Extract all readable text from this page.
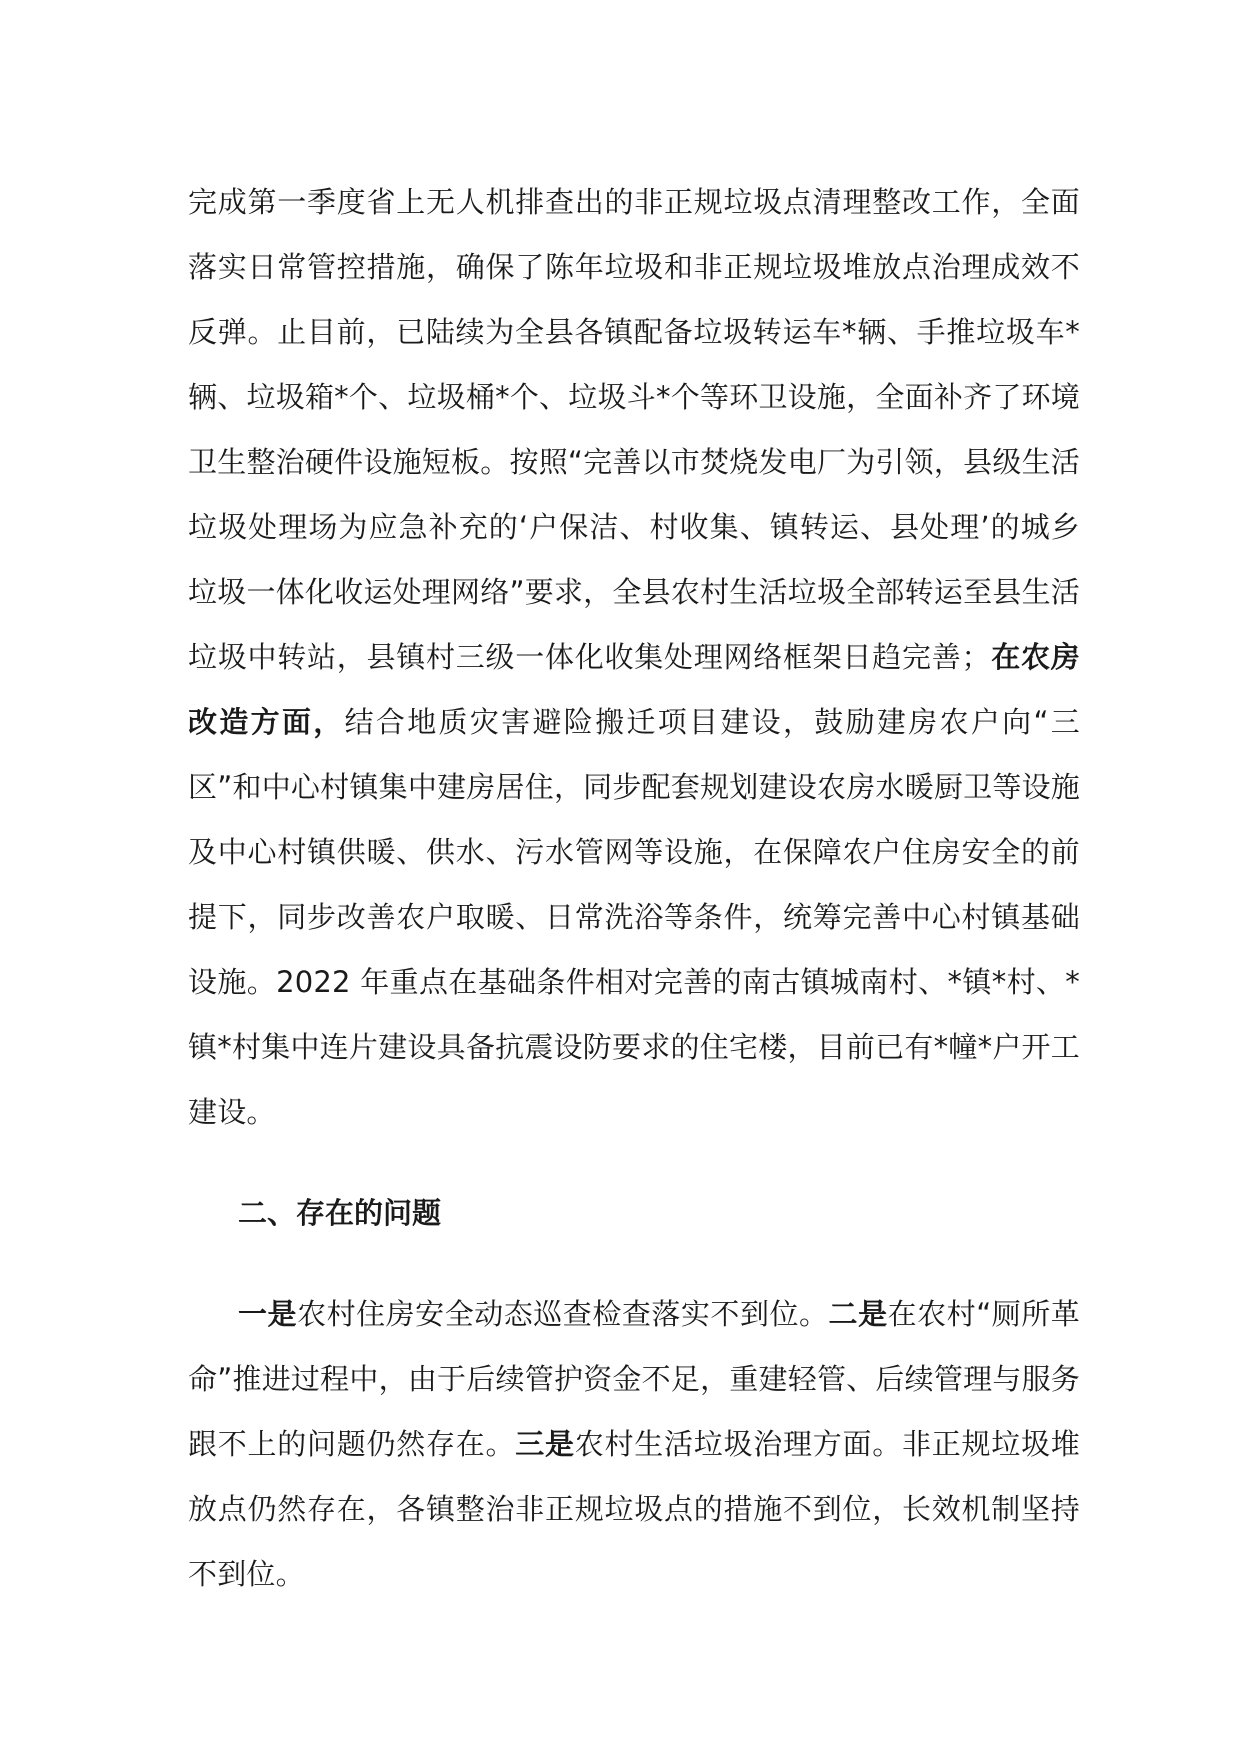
完成第一季度省上无人机排查出的非正规垃圾点清理整改工作，全面落实日常管控措施，确保了陈年垃圾和非正规垃圾堆放点治理成效不反弹。止目前，已陆续为全县各镇配备垃圾转运车*辆、手推垃圾车*辆、垃圾箱*个、垃圾桶*个、垃圾斗*个等环卫设施，全面补齐了环境卫生整治硬件设施短板。按照“完善以市焚烧发电厂为引领，县级生活垃圾处理场为应急补充的‘户保洁、村收集、镇转运、县处理’的城乡垃圾一体化收运处理网络”要求，全县农村生活垃圾全部转运至县生活垃圾中转站，县镇村三级一体化收集处理网络框架日趋完善；在农房改造方面，结合地质灾害避险搬迁项目建设，鼓励建房农户向“三区”和中心村镇集中建房居住，同步配套规划建设农房水暖厨卫等设施及中心村镇供暖、供水、污水管网等设施，在保障农户住房安全的前提下，同步改善农户取暖、日常洗浴等条件，统筹完善中心村镇基础设施。2022 年重点在基础条件相对完善的南古镇城南村、*镇*村、*镇*村集中连片建设具备抗震设防要求的住宅楼，目前已有*幢*户开工建设。

二、存在的问题

一是农村住房安全动态巡查检查落实不到位。二是在农村“厕所革命”推进过程中，由于后续管护资金不足，重建轻管、后续管理与服务跟不上的问题仍然存在。三是农村生活垃圾治理方面。非正规垃圾堆放点仍然存在，各镇整治非正规垃圾点的措施不到位，长效机制坚持不到位。
